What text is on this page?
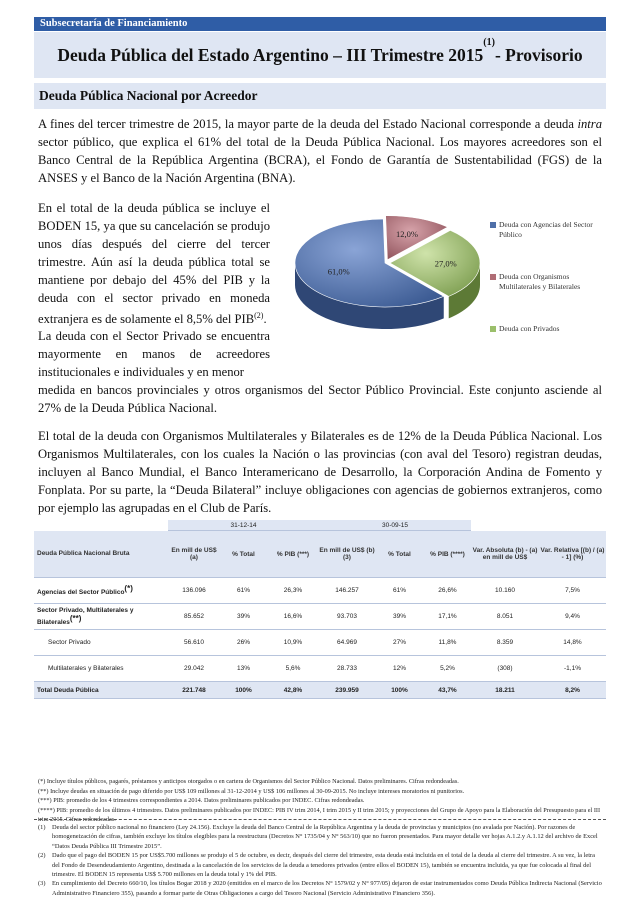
Subsecretaría de Financiamiento
Deuda Pública del Estado Argentino – III Trimestre 2015$^{(1)}$- Provisorio
Deuda Pública Nacional por Acreedor

A fines del tercer trimestre de 2015, la mayor parte de la deuda del Estado Nacional corresponde a deuda intra sector público, que explica el 61% del total de la Deuda Pública Nacional. Los mayores acreedores son el Banco Central de la República Argentina (BCRA), el Fondo de Garantía de Sustentabilidad (FGS) de la ANSES y el Banco de la Nación Argentina (BNA).

En el total de la deuda pública se incluye el BODEN 15, ya que su cancelación se produjo unos días después del cierre del tercer trimestre. Aún así la deuda pública total se mantiene por debajo del 45% del PIB y la deuda con el sector privado en moneda extranjera es de solamente el 8,5% del PIB$^{(2)}$.

La deuda con el Sector Privado se encuentra mayormente en manos de acreedores institucionales e individuales y en menor

medida en bancos provinciales y otros organismos del Sector Público Provincial. Este conjunto asciende al 27% de la Deuda Pública Nacional.

El total de la deuda con Organismos Multilaterales y Bilaterales es de 12% de la Deuda Pública Nacional. Los Organismos Multilaterales, con los cuales la Nación o las provincias (con aval del Tesoro) registran deudas, incluyen al Banco Mundial, el Banco Interamericano de Desarrollo, la Corporación Andina de Fomento y Fonplata. Por su parte, la “Deuda Bilateral” incluye obligaciones con agencias de gobiernos extranjeros, como por ejemplo las agrupadas en el Club de París.

61,0%
12,0%
27,0%
Deuda con Agencias del Sector Público
Deuda con Organismos Multilaterales y Bilaterales
Deuda con Privados
	31-12-14			30-09-15				
Deuda Pública Nacional Bruta	En mill de US$ (a)	% Total	% PIB (***)	En mill de US$ (b) (3)	% Total	% PIB (****)	Var. Absoluta (b) - (a) en mill de US$	Var. Relativa [(b) / (a) - 1] (%)
Agencias del Sector Público(*)	136.096	61%	26,3%	146.257	61%	26,6%	10.160	7,5%
Sector Privado, Multilaterales y Bilaterales(**)	85.652	39%	16,6%	93.703	39%	17,1%	8.051	9,4%
Sector Privado	56.610	26%	10,9%	64.969	27%	11,8%	8.359	14,8%
Multilaterales y Bilaterales	29.042	13%	5,6%	28.733	12%	5,2%	(308)	-1,1%
Total Deuda Pública	221.748	100%	42,8%	239.959	100%	43,7%	18.211	8,2%
(*) Incluye títulos públicos, pagarés, préstamos y anticipos otorgados o en cartera de Organismos del Sector Público Nacional. Datos preliminares. Cifras redondeadas.
(**) Incluye deudas en situación de pago diferido por US$ 109 millones al 31-12-2014 y US$ 106 millones al 30-09-2015. No incluye intereses moratorios ni punitorios.
(***) PIB: promedio de los 4 trimestres correspondientes a 2014. Datos preliminares publicados por INDEC. Cifras redondeadas.
(****) PIB: promedio de los últimos 4 trimestres. Datos preliminares publicados por INDEC: PIB IV trim 2014, I trim 2015 y II trim 2015; y proyecciones del Grupo de Apoyo para la Elaboración del Presupuesto para el III trim 2015. Cifras redondeadas.
(1)	Deuda del sector público nacional no financiero (Ley 24.156). Excluye la deuda del Banco Central de la República Argentina y la deuda de provincias y municipios (no avalada por Nación). Por razones de homogeneización de cifras, también excluye los títulos elegibles para la reestructura (Decretos N° 1735/04 y N° 563/10) que no fueron presentados. Para mayor detalle ver hojas A.1.2.y A.1.12 del archivo de Excel “Datos Deuda Pública III Trimestre 2015”.
(2)	Dado que el pago del BODEN 15 por US$5.700 millones se produjo el 5 de octubre, es decir, después del cierre del trimestre, esta deuda está incluida en el total de la deuda al cierre del trimestre. A su vez, la letra del Fondo de Desendeudamiento Argentino, destinada a la cancelación de los servicios de la deuda a tenedores privados (entre ellos el BODEN 15), también se encuentra incluida, ya que fue colocada al final del trimestre. El BODEN 15 representa US$ 5.700 millones en la deuda total y 1% del PIB.
(3)	En cumplimiento del Decreto 660/10, los títulos Bogar 2018 y 2020 (emitidos en el marco de los Decretos N° 1579/02 y N° 977/05) dejaron de estar instrumentados como Deuda Pública Indirecta Nacional (Servicio Administrativo Financiero 355), pasando a formar parte de Otras Obligaciones a cargo del Tesoro Nacional (Servicio Administrativo Financiero 356).
